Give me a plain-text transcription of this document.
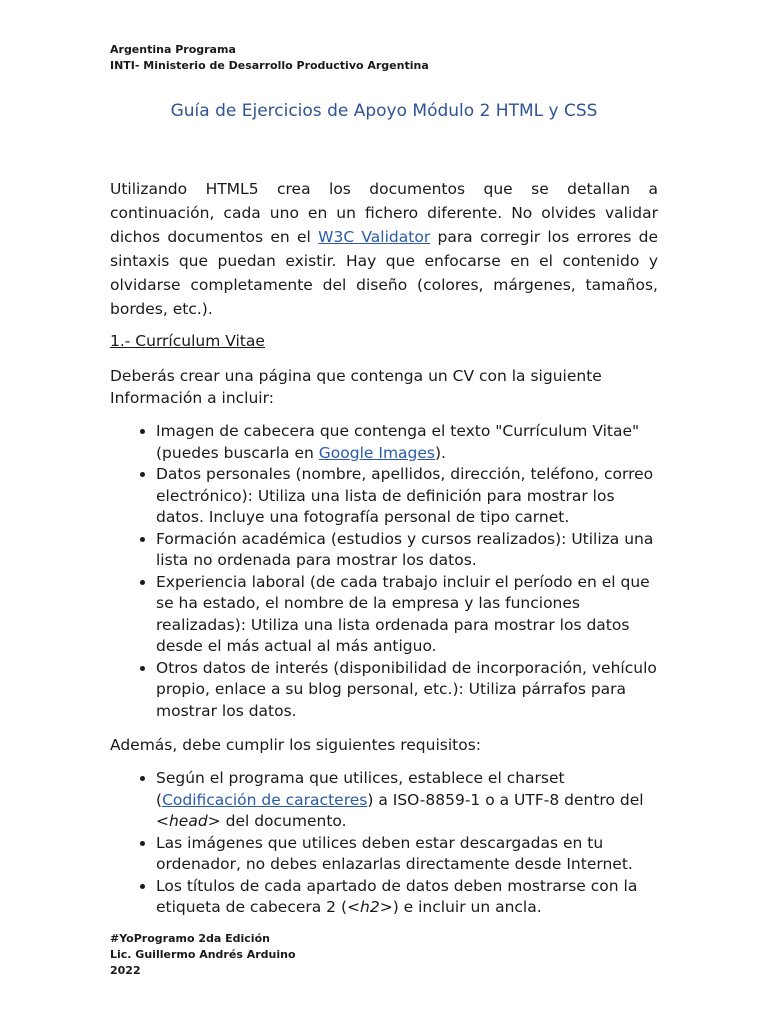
Argentina Programa
INTI- Ministerio de Desarrollo Productivo Argentina
Guía de Ejercicios de Apoyo Módulo 2 HTML y CSS

Utilizando HTML5 crea los documentos que se detallan a continuación, cada uno en un fichero diferente. No olvides validar dichos documentos en el W3C Validator para corregir los errores de sintaxis que puedan existir. Hay que enfocarse en el contenido y olvidarse completamente del diseño (colores, márgenes, tamaños, bordes, etc.).

1.- Currículum Vitae

Deberás crear una página que contenga un CV con la siguiente Información a incluir:

• Imagen de cabecera que contenga el texto "Currículum Vitae" (puedes buscarla en Google Images).
• Datos personales (nombre, apellidos, dirección, teléfono, correo electrónico): Utiliza una lista de definición para mostrar los datos. Incluye una fotografía personal de tipo carnet.
• Formación académica (estudios y cursos realizados): Utiliza una lista no ordenada para mostrar los datos.
• Experiencia laboral (de cada trabajo incluir el período en el que se ha estado, el nombre de la empresa y las funciones realizadas): Utiliza una lista ordenada para mostrar los datos desde el más actual al más antiguo.
• Otros datos de interés (disponibilidad de incorporación, vehículo propio, enlace a su blog personal, etc.): Utiliza párrafos para mostrar los datos.

Además, debe cumplir los siguientes requisitos:

• Según el programa que utilices, establece el charset (Codificación de caracteres) a ISO-8859-1 o a UTF-8 dentro del <head> del documento.
• Las imágenes que utilices deben estar descargadas en tu ordenador, no debes enlazarlas directamente desde Internet.
• Los títulos de cada apartado de datos deben mostrarse con la etiqueta de cabecera 2 (<h2>) e incluir un ancla.
#YoProgramo 2da Edición
Lic. Guillermo Andrés Arduino
2022
